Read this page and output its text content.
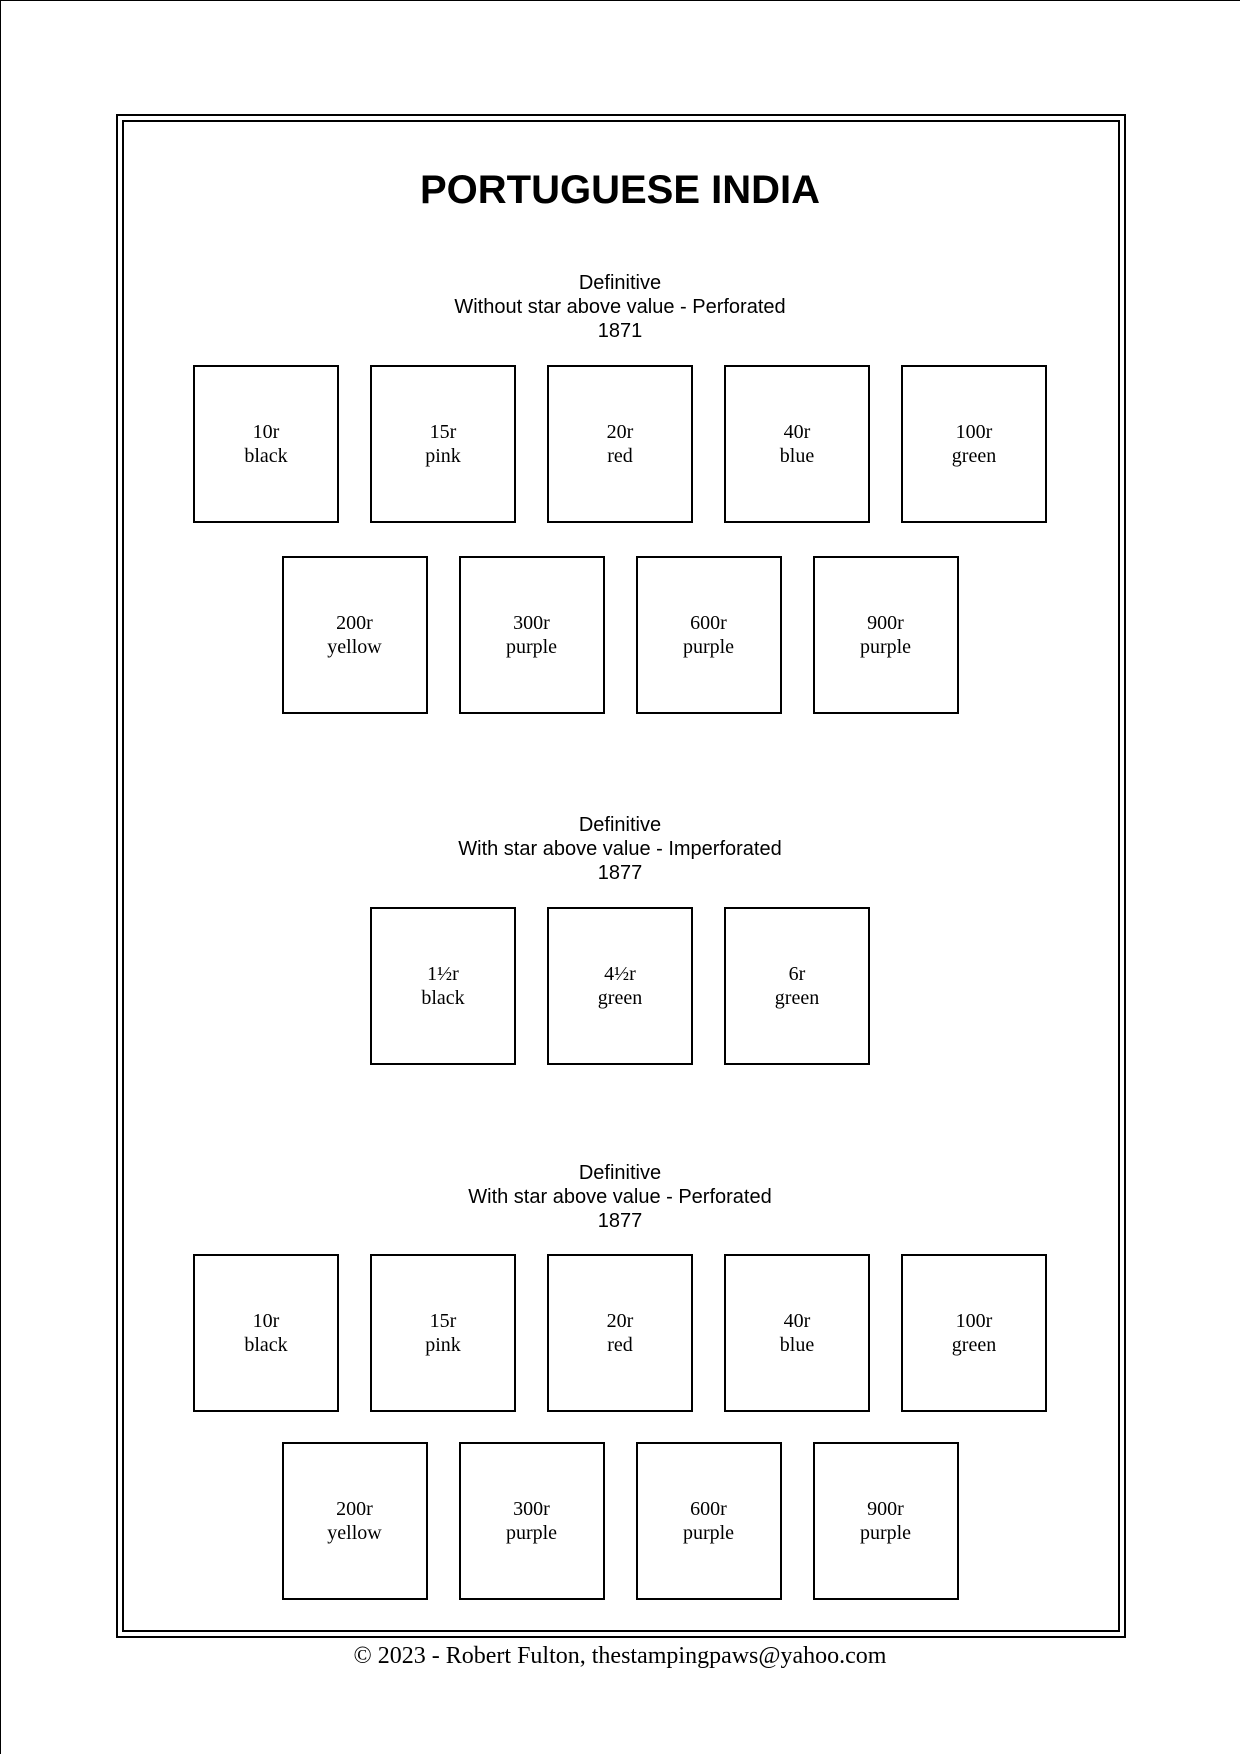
PORTUGUESE INDIA
Definitive
Without star above value - Perforated
1871
10r
black
15r
pink
20r
red
40r
blue
100r
green
200r
yellow
300r
purple
600r
purple
900r
purple
Definitive
With star above value - Imperforated
1877
1½r
black
4½r
green
6r
green
Definitive
With star above value - Perforated
1877
10r
black
15r
pink
20r
red
40r
blue
100r
green
200r
yellow
300r
purple
600r
purple
900r
purple
© 2023 - Robert Fulton, thestampingpaws@yahoo.com
